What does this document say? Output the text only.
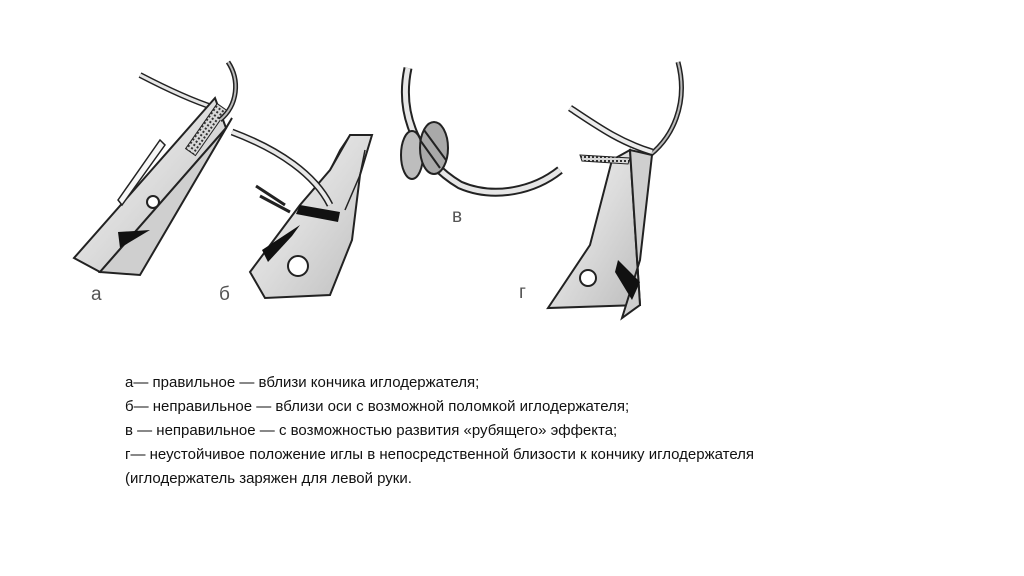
а	б
в
г
а— правильное — вблизи кончика иглодержателя;
б— неправильное — вблизи оси с возможной поломкой иглодержателя;
в — неправильное — с возможностью развития «рубящего» эффекта;
г— неустойчивое положение иглы в непосредственной близости к кончику иглодержателя
(иглодержатель заряжен для левой руки.
